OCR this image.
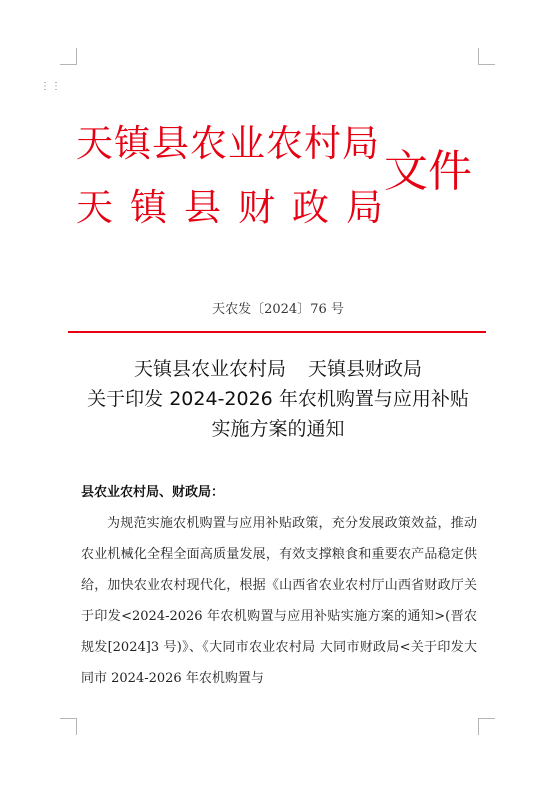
⋮⋮
天镇县农业农村局
天镇县财政局
文件
天农发〔2024〕76 号
天镇县农业农村局 天镇县财政局
关于印发 2024-2026 年农机购置与应用补贴
实施方案的通知
县农业农村局、财政局：
为规范实施农机购置与应用补贴政策，充分发展政策效益，推动农业机械化全程全面高质量发展，有效支撑粮食和重要农产品稳定供给，加快农业农村现代化，根据《山西省农业农村厅山西省财政厅关于印发<2024-2026 年农机购置与应用补贴实施方案的通知>(晋农规发[2024]3 号)》、《大同市农业农村局 大同市财政局<关于印发大同市 2024-2026 年农机购置与
